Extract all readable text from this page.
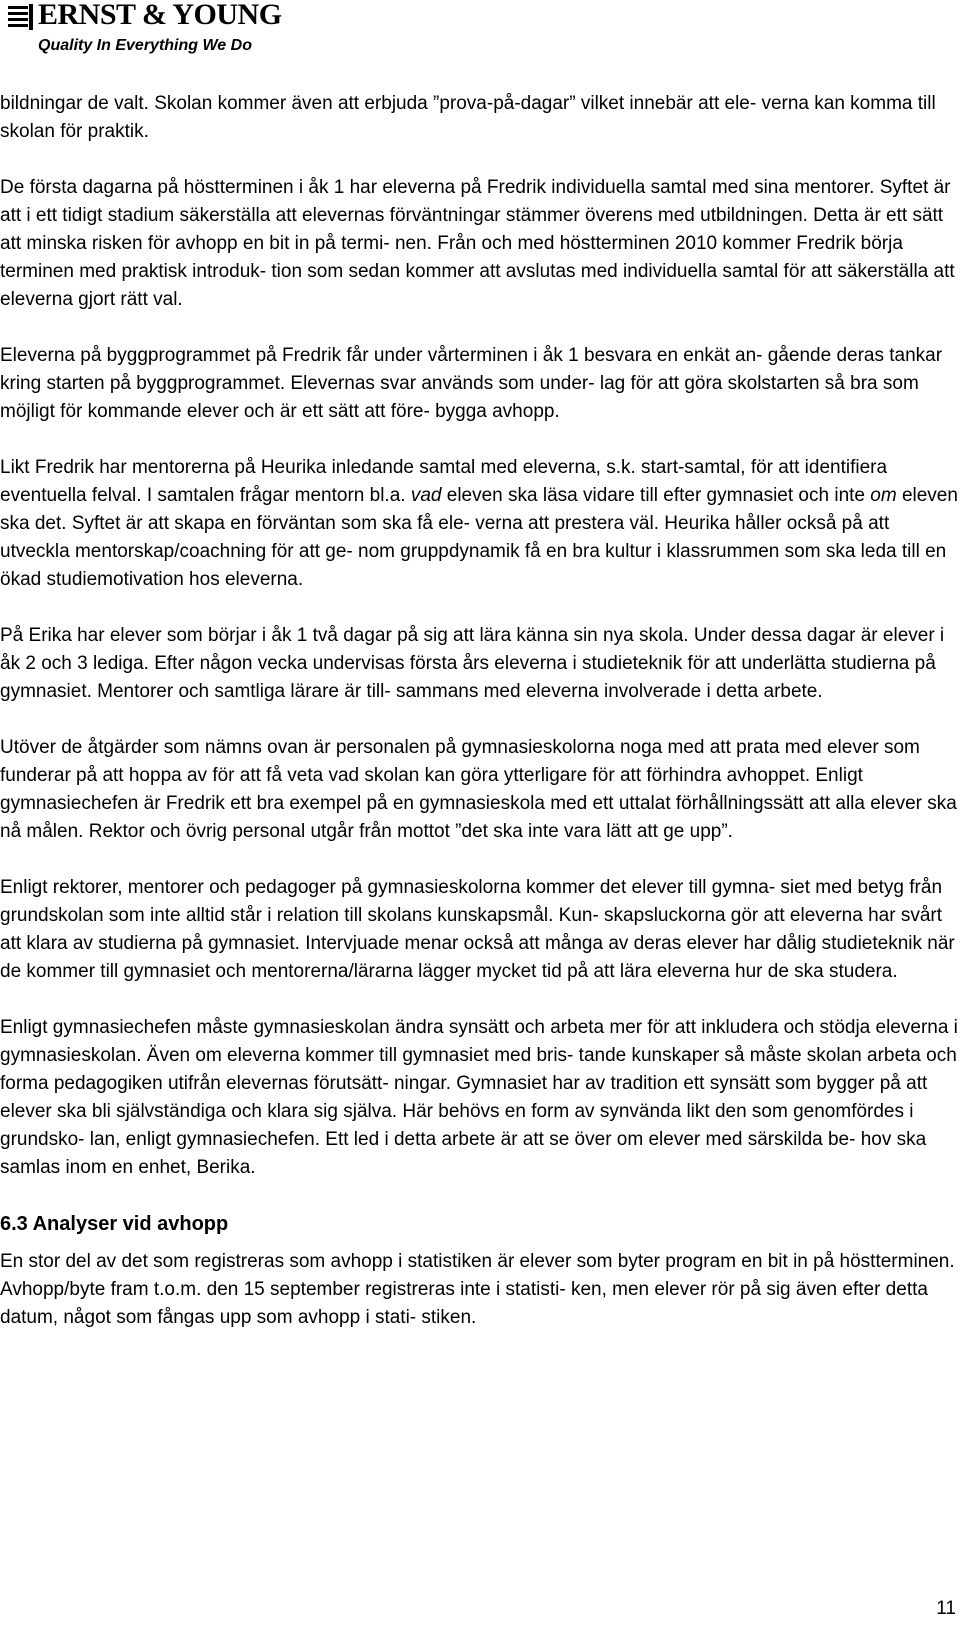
ERNST & YOUNG
Quality In Everything We Do

bildningar de valt. Skolan kommer även att erbjuda ”prova-på-dagar” vilket innebär att ele- verna kan komma till skolan för praktik.

De första dagarna på höstterminen i åk 1 har eleverna på Fredrik individuella samtal med sina mentorer. Syftet är att i ett tidigt stadium säkerställa att elevernas förväntningar stämmer överens med utbildningen. Detta är ett sätt att minska risken för avhopp en bit in på termi- nen. Från och med höstterminen 2010 kommer Fredrik börja terminen med praktisk introduk- tion som sedan kommer att avslutas med individuella samtal för att säkerställa att eleverna gjort rätt val.

Eleverna på byggprogrammet på Fredrik får under vårterminen i åk 1 besvara en enkät an- gående deras tankar kring starten på byggprogrammet. Elevernas svar används som under- lag för att göra skolstarten så bra som möjligt för kommande elever och är ett sätt att före- bygga avhopp.

Likt Fredrik har mentorerna på Heurika inledande samtal med eleverna, s.k. start-samtal, för att identifiera eventuella felval. I samtalen frågar mentorn bl.a. vad eleven ska läsa vidare till efter gymnasiet och inte om eleven ska det. Syftet är att skapa en förväntan som ska få ele- verna att prestera väl. Heurika håller också på att utveckla mentorskap/coachning för att ge- nom gruppdynamik få en bra kultur i klassrummen som ska leda till en ökad studiemotivation hos eleverna.

På Erika har elever som börjar i åk 1 två dagar på sig att lära känna sin nya skola. Under dessa dagar är elever i åk 2 och 3 lediga. Efter någon vecka undervisas första års eleverna i studieteknik för att underlätta studierna på gymnasiet. Mentorer och samtliga lärare är till- sammans med eleverna involverade i detta arbete.

Utöver de åtgärder som nämns ovan är personalen på gymnasieskolorna noga med att prata med elever som funderar på att hoppa av för att få veta vad skolan kan göra ytterligare för att förhindra avhoppet. Enligt gymnasiechefen är Fredrik ett bra exempel på en gymnasieskola med ett uttalat förhållningssätt att alla elever ska nå målen. Rektor och övrig personal utgår från mottot ”det ska inte vara lätt att ge upp”.

Enligt rektorer, mentorer och pedagoger på gymnasieskolorna kommer det elever till gymna- siet med betyg från grundskolan som inte alltid står i relation till skolans kunskapsmål. Kun- skapsluckorna gör att eleverna har svårt att klara av studierna på gymnasiet. Intervjuade menar också att många av deras elever har dålig studieteknik när de kommer till gymnasiet och mentorerna/lärarna lägger mycket tid på att lära eleverna hur de ska studera.

Enligt gymnasiechefen måste gymnasieskolan ändra synsätt och arbeta mer för att inkludera och stödja eleverna i gymnasieskolan. Även om eleverna kommer till gymnasiet med bris- tande kunskaper så måste skolan arbeta och forma pedagogiken utifrån elevernas förutsätt- ningar. Gymnasiet har av tradition ett synsätt som bygger på att elever ska bli självständiga och klara sig själva. Här behövs en form av synvända likt den som genomfördes i grundsko- lan, enligt gymnasiechefen. Ett led i detta arbete är att se över om elever med särskilda be- hov ska samlas inom en enhet, Berika.

6.3 Analyser vid avhopp

En stor del av det som registreras som avhopp i statistiken är elever som byter program en bit in på höstterminen. Avhopp/byte fram t.o.m. den 15 september registreras inte i statisti- ken, men elever rör på sig även efter detta datum, något som fångas upp som avhopp i stati- stiken.

11
